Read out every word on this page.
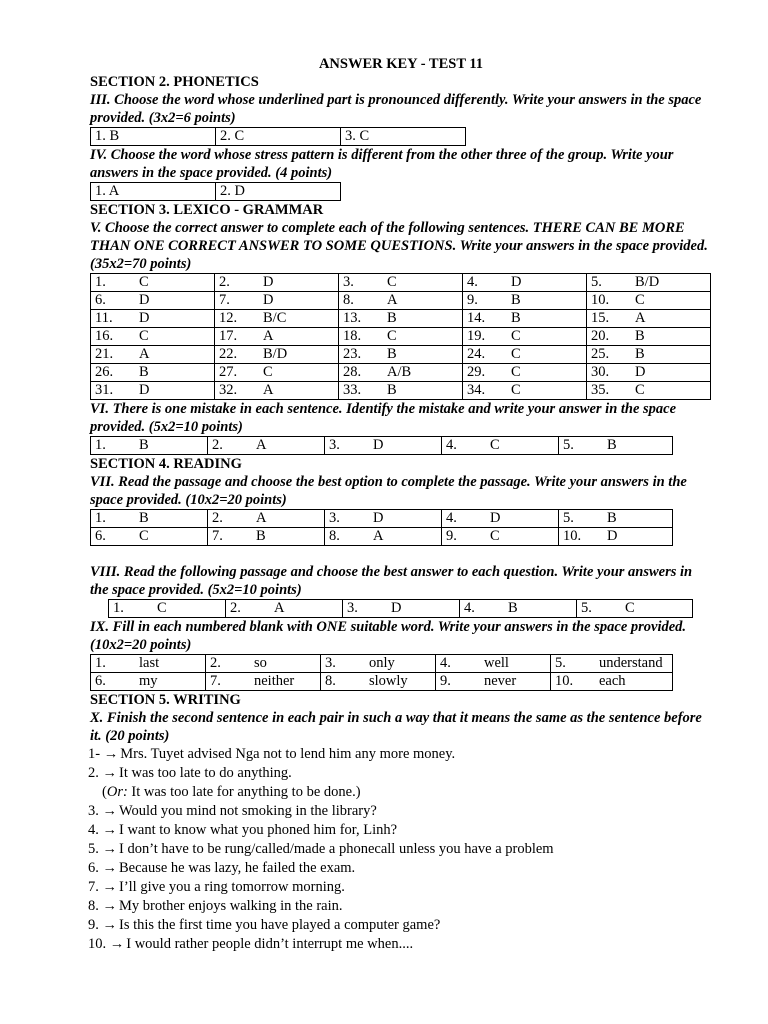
ANSWER KEY - TEST 11
SECTION 2. PHONETICS
III. Choose the word whose underlined part is pronounced differently. Write your answers in the space provided. (3x2=6 points)
1. B	2. C	3. C
IV. Choose the word whose stress pattern is different from the other three of the group. Write your answers in the space provided. (4 points)
1. A	2. D
SECTION 3. LEXICO - GRAMMAR
V. Choose the correct answer to complete each of the following sentences. THERE CAN BE MORE THAN ONE CORRECT ANSWER TO SOME QUESTIONS. Write your answers in the space provided. (35x2=70 points)
1. C	2. D	3. C	4. D	5. B/D
6. D	7. D	8. A	9. B	10. C
11. D	12. B/C	13. B	14. B	15. A
16. C	17. A	18. C	19. C	20. B
21. A	22. B/D	23. B	24. C	25. B
26. B	27. C	28. A/B	29. C	30. D
31. D	32. A	33. B	34. C	35. C
VI. There is one mistake in each sentence. Identify the mistake and write your answer in the space provided. (5x2=10 points)
1. B	2. A	3. D	4. C	5. B
SECTION 4. READING
VII. Read the passage and choose the best option to complete the passage. Write your answers in the space provided. (10x2=20 points)
1. B	2. A	3. D	4. D	5. B
6. C	7. B	8. A	9. C	10. D
VIII. Read the following passage and choose the best answer to each question. Write your answers in the space provided. (5x2=10 points)
1. C	2. A	3. D	4. B	5. C
IX. Fill in each numbered blank with ONE suitable word. Write your answers in the space provided. (10x2=20 points)
1. last	2. so	3. only	4. well	5. understand
6. my	7. neither	8. slowly	9. never	10. each
SECTION 5. WRITING
X. Finish the second sentence in each pair in such a way that it means the same as the sentence before it. (20 points)
1- → Mrs. Tuyet advised Nga not to lend him any more money.
2. → It was too late to do anything.
(Or: It was too late for anything to be done.)
3. → Would you mind not smoking in the library?
4. → I want to know what you phoned him for, Linh?
5. → I don’t have to be rung/called/made a phonecall unless you have a problem
6. → Because he was lazy, he failed the exam.
7. → I’ll give you a ring tomorrow morning.
8. → My brother enjoys walking in the rain.
9. → Is this the first time you have played a computer game?
10. → I would rather people didn’t interrupt me when....
